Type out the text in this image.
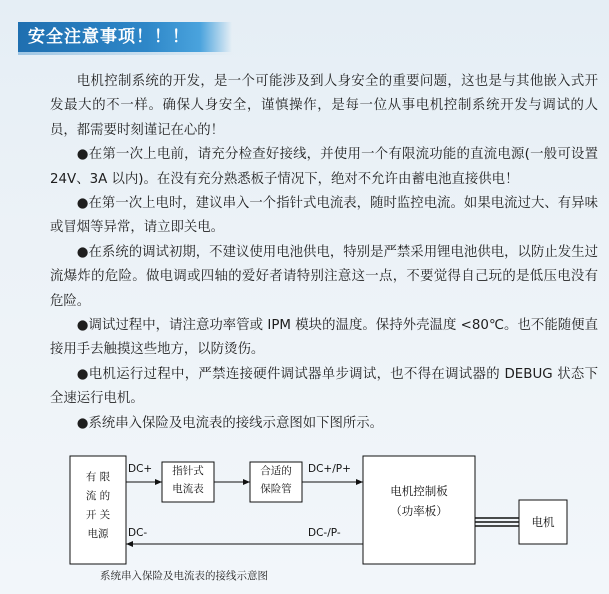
安全注意事项！！！

电机控制系统的开发，是一个可能涉及到人身安全的重要问题，这也是与其他嵌入式开发最大的不一样。确保人身安全，谨慎操作，是每一位从事电机控制系统开发与调试的人员，都需要时刻谨记在心的！

●在第一次上电前，请充分检查好接线，并使用一个有限流功能的直流电源(一般可设置 24V、3A 以内)。在没有充分熟悉板子情况下，绝对不允许由蓄电池直接供电！

●在第一次上电时，建议串入一个指针式电流表，随时监控电流。如果电流过大、有异味或冒烟等异常，请立即关电。

●在系统的调试初期，不建议使用电池供电，特别是严禁采用锂电池供电，以防止发生过流爆炸的危险。做电调或四轴的爱好者请特别注意这一点，不要觉得自己玩的是低压电没有危险。

●调试过程中，请注意功率管或 IPM 模块的温度。保持外壳温度 <80℃。也不能随便直接用手去触摸这些地方，以防烫伤。

●电机运行过程中，严禁连接硬件调试器单步调试，也不得在调试器的 DEBUG 状态下全速运行电机。

●系统串入保险及电流表的接线示意图如下图所示。

有 限
流 的
开 关
电源
DC+	指针式
电流表
合适的
保险管
DC+/P+
DC-	DC-/P-
电机控制板
（功率板）
电机
系统串入保险及电流表的接线示意图
